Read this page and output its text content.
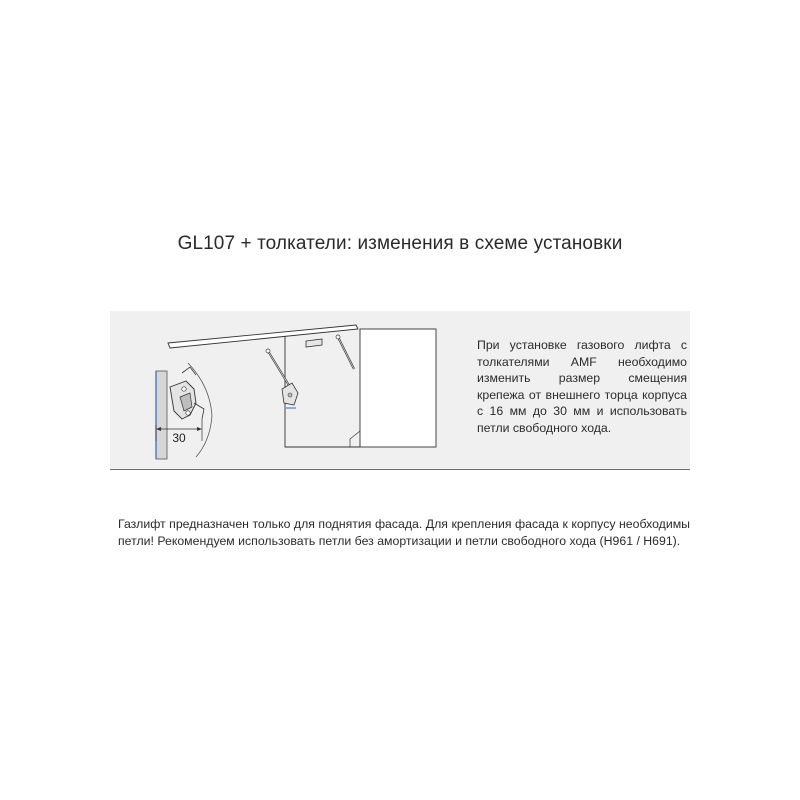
GL107 + толкатели: изменения в схеме установки
30
При установке газового лифта с толкателями AMF необходимо изменить размер смещения крепежа от внешнего торца корпуса с 16 мм до 30 мм и использовать петли свободного хода.
Газлифт предназначен только для поднятия фасада. Для крепления фасада к корпусу необходимы петли! Рекомендуем использовать петли без амортизации и петли свободного хода (H961 / H691).
